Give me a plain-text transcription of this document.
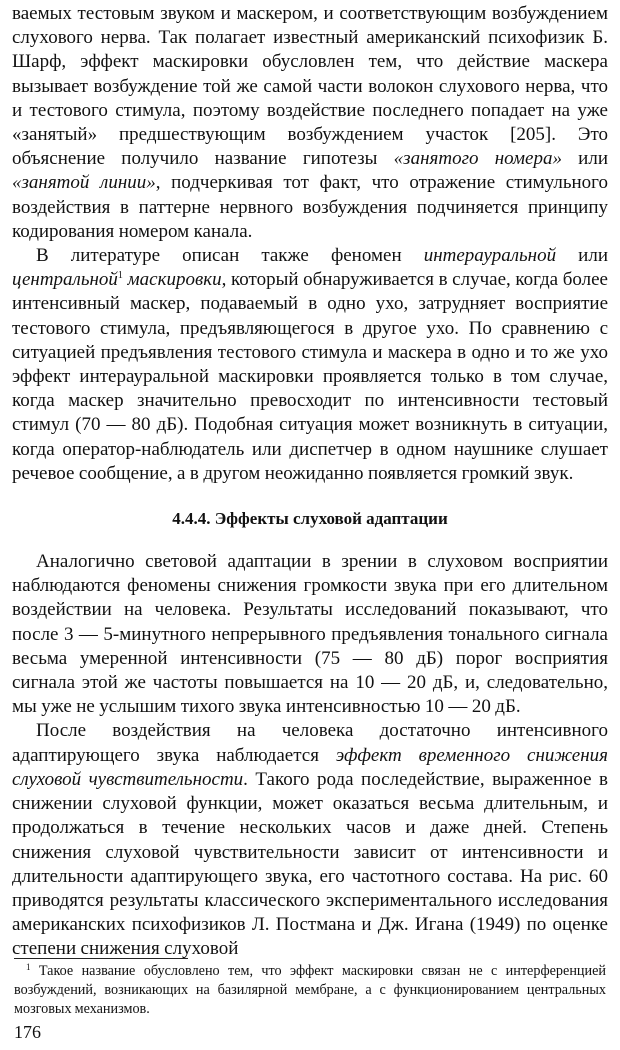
ваемых тестовым звуком и маскером, и соответствующим возбуждением слухового нерва. Так полагает известный американский психофизик Б. Шарф, эффект маскировки обусловлен тем, что действие маскера вызывает возбуждение той же самой части волокон слухового нерва, что и тестового стимула, поэтому воздействие последнего попадает на уже «занятый» предшествующим возбуждением участок [205]. Это объяснение получило название гипотезы «занятого номера» или «занятой линии», подчеркивая тот факт, что отражение стимульного воздействия в паттерне нервного возбуждения подчиняется принципу кодирования номером канала.

В литературе описан также феномен интерауральной или центральной$^1$ маскировки, который обнаруживается в случае, когда более интенсивный маскер, подаваемый в одно ухо, затрудняет восприятие тестового стимула, предъявляющегося в другое ухо. По сравнению с ситуацией предъявления тестового стимула и маскера в одно и то же ухо эффект интерауральной маскировки проявляется только в том случае, когда маскер значительно превосходит по интенсивности тестовый стимул (70 — 80 дБ). Подобная ситуация может возникнуть в ситуации, когда оператор-наблюдатель или диспетчер в одном наушнике слушает речевое сообщение, а в другом неожиданно появляется громкий звук.

4.4.4. Эффекты слуховой адаптации

Аналогично световой адаптации в зрении в слуховом восприятии наблюдаются феномены снижения громкости звука при его длительном воздействии на человека. Результаты исследований показывают, что после 3 — 5-минутного непрерывного предъявления тонального сигнала весьма умеренной интенсивности (75 — 80 дБ) порог восприятия сигнала этой же частоты повышается на 10 — 20 дБ, и, следовательно, мы уже не услышим тихого звука интенсивностью 10 — 20 дБ.

После воздействия на человека достаточно интенсивного адаптирующего звука наблюдается эффект временного снижения слуховой чувствительности. Такого рода последействие, выраженное в снижении слуховой функции, может оказаться весьма длительным, и продолжаться в течение нескольких часов и даже дней. Степень снижения слуховой чувствительности зависит от интенсивности и длительности адаптирующего звука, его частотного состава. На рис. 60 приводятся результаты классического экспериментального исследования американских психофизиков Л. Постмана и Дж. Игана (1949) по оценке степени снижения слуховой

$^1$ Такое название обусловлено тем, что эффект маскировки связан не с интерференцией возбуждений, возникающих на базилярной мембране, а с функционированием центральных мозговых механизмов.

176
